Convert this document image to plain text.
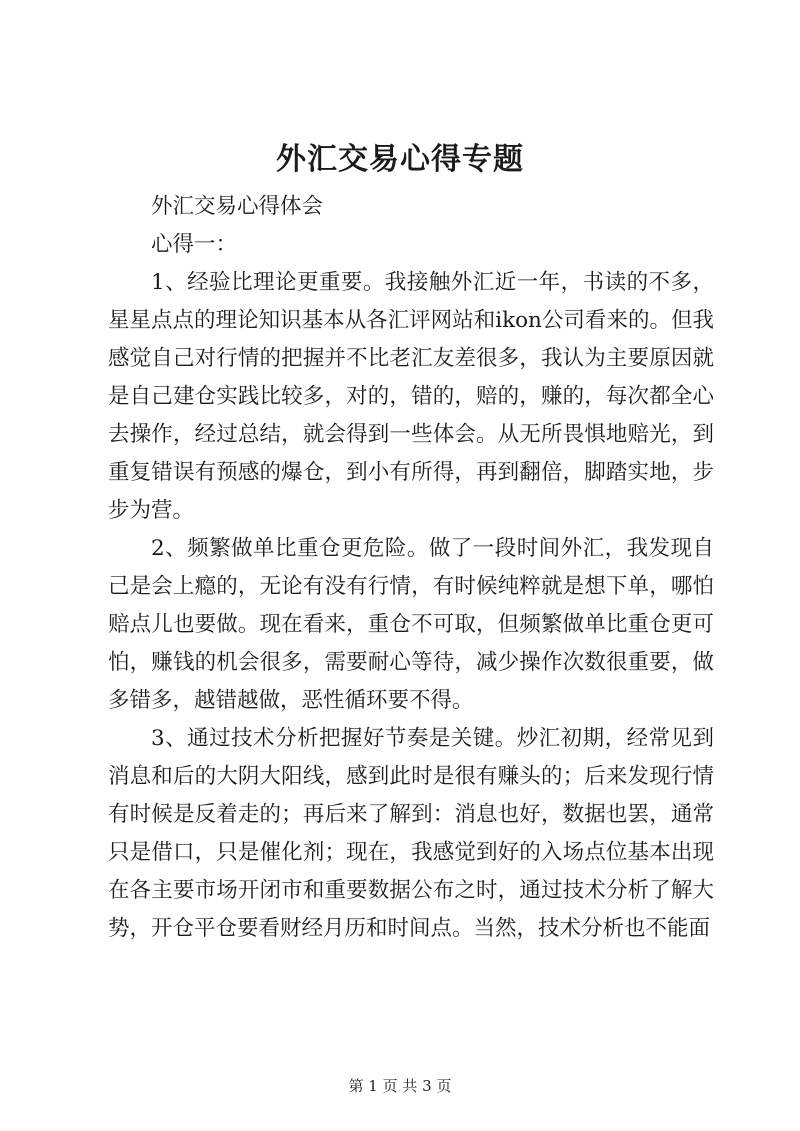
外汇交易心得专题

外汇交易心得体会

心得一：

1、经验比理论更重要。我接触外汇近一年，书读的不多，星星点点的理论知识基本从各汇评网站和ikon公司看来的。但我感觉自己对行情的把握并不比老汇友差很多，我认为主要原因就是自己建仓实践比较多，对的，错的，赔的，赚的，每次都全心去操作，经过总结，就会得到一些体会。从无所畏惧地赔光，到重复错误有预感的爆仓，到小有所得，再到翻倍，脚踏实地，步步为营。

2、频繁做单比重仓更危险。做了一段时间外汇，我发现自己是会上瘾的，无论有没有行情，有时候纯粹就是想下单，哪怕赔点儿也要做。现在看来，重仓不可取，但频繁做单比重仓更可怕，赚钱的机会很多，需要耐心等待，减少操作次数很重要，做多错多，越错越做，恶性循环要不得。

3、通过技术分析把握好节奏是关键。炒汇初期，经常见到消息和后的大阴大阳线，感到此时是很有赚头的；后来发现行情有时候是反着走的；再后来了解到：消息也好，数据也罢，通常只是借口，只是催化剂；现在，我感觉到好的入场点位基本出现在各主要市场开闭市和重要数据公布之时，通过技术分析了解大势，开仓平仓要看财经月历和时间点。当然，技术分析也不能面

第 1 页 共 3 页
